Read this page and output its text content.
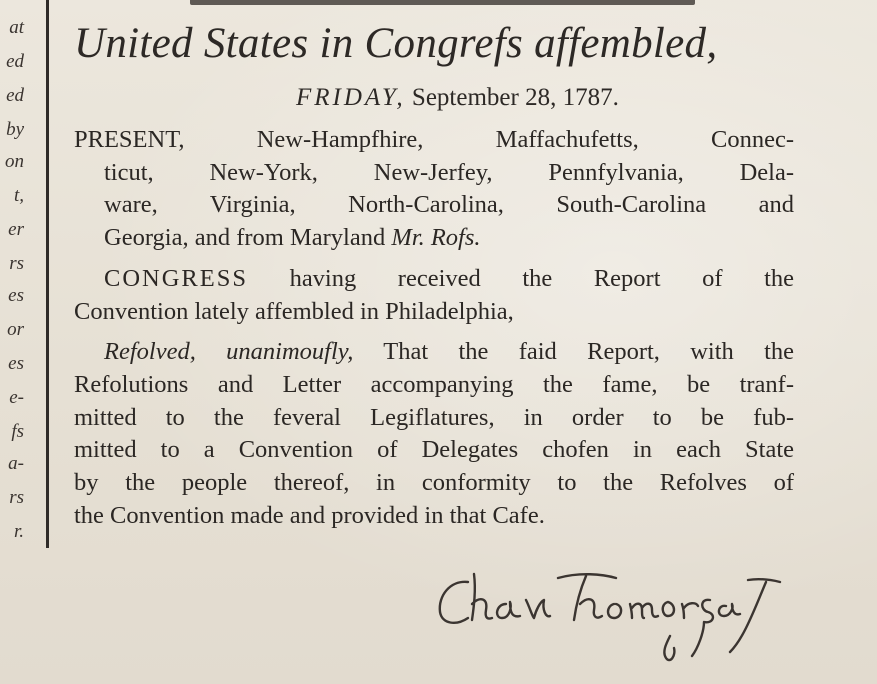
at
ed
ed
by
on
t,
er
rs
es
or
es
e-
fs
a-
rs
r.
United States in Congrefs affembled,
FRIDAY, September 28, 1787.
PRESENT, New-Hampfhire, Maffachufetts, Connec-
ticut, New-York, New-Jerfey, Pennfylvania, Dela-
ware, Virginia, North-Carolina, South-Carolina and
Georgia, and from Maryland Mr. Rofs.
CONGRESS having received the Report of the
Convention lately affembled in Philadelphia,
Refolved, unanimoufly, That the faid Report, with the
Refolutions and Letter accompanying the fame, be tranf-
mitted to the feveral Legiflatures, in order to be fub-
mitted to a Convention of Delegates chofen in each State
by the people thereof, in conformity to the Refolves of
the Convention made and provided in that Cafe.
